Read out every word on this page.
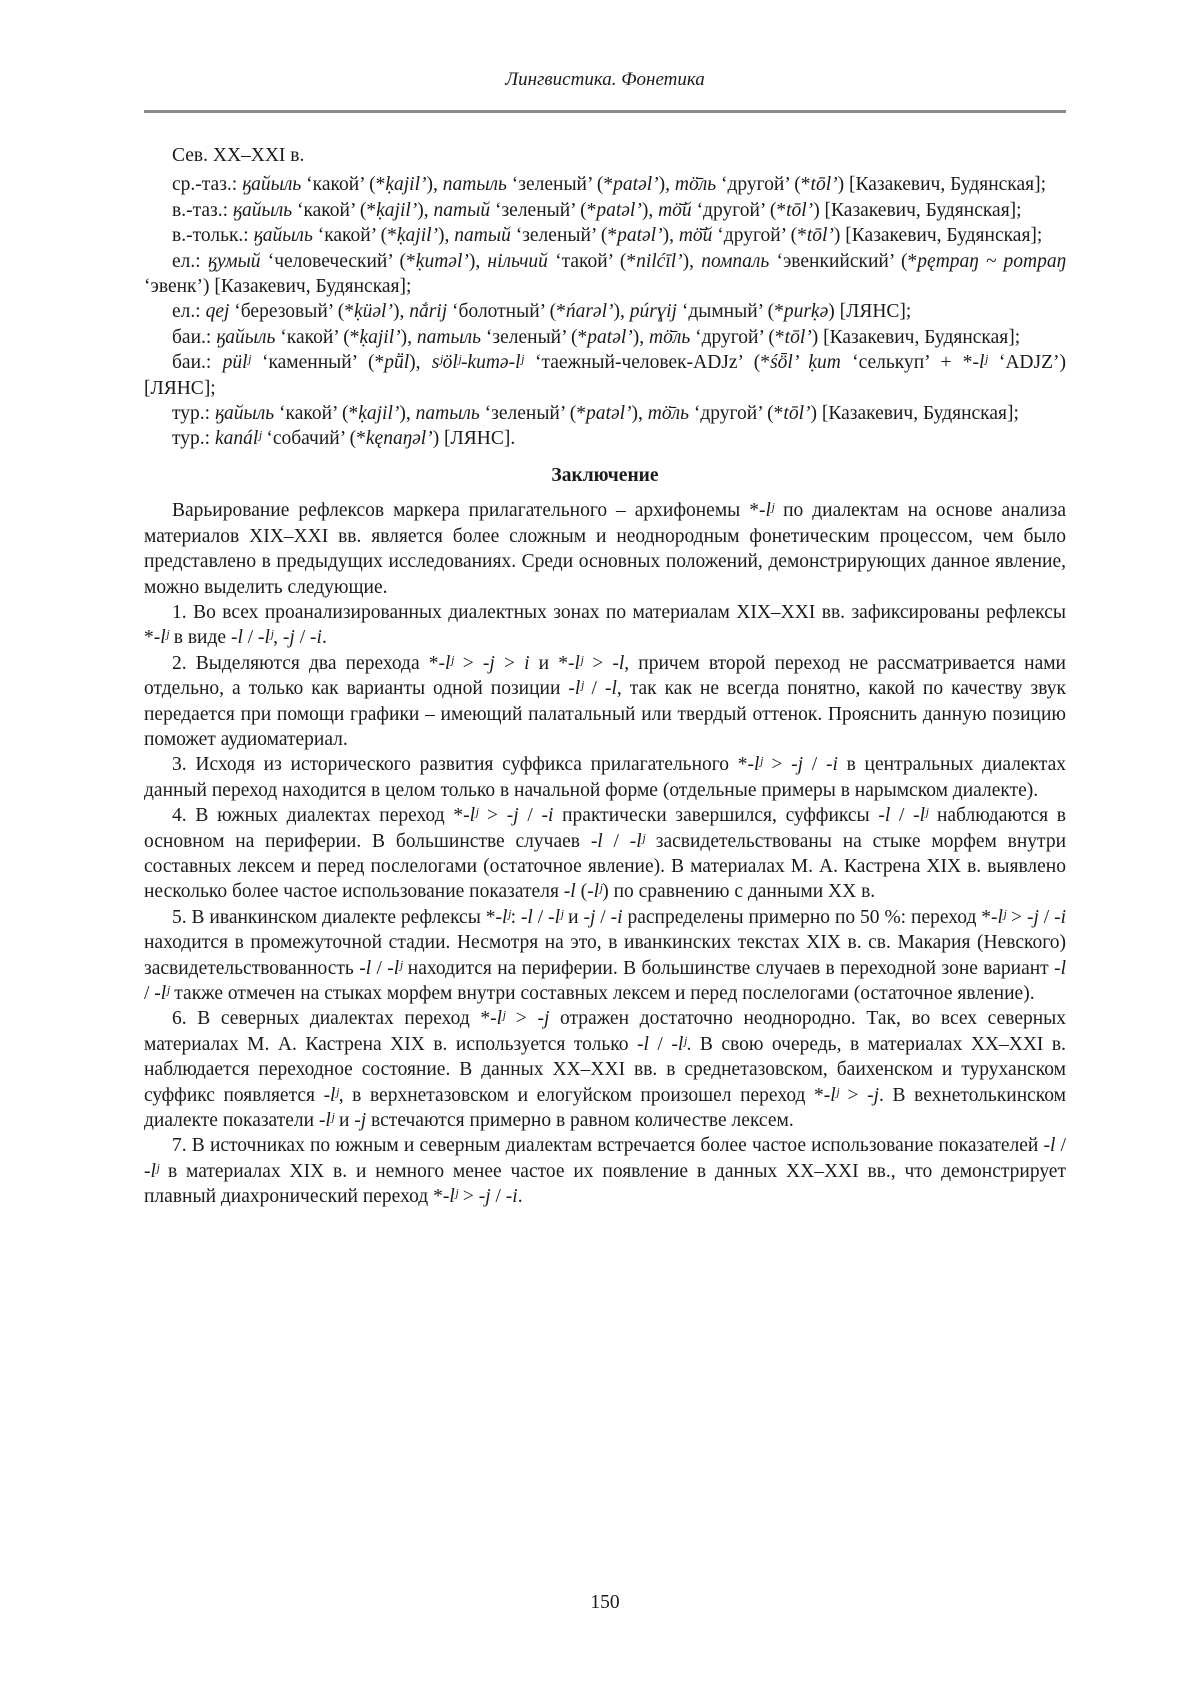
Лингвистика. Фонетика

Сев. XX–XXI в.

ср.-таз.: ӄайыль ‘какой’ (*ḳajil’), патыль ‘зеленый’ (*patəl’), тӧ̄ль ‘другой’ (*tōl’) [Казакевич, Будянская];

в.-таз.: ӄайыль ‘какой’ (*ḳajil’), патый ‘зеленый’ (*patəl’), тӧ̄й ‘другой’ (*tōl’) [Казакевич, Будянская];

в.-тольк.: ӄайыль ‘какой’ (*ḳajil’), патый ‘зеленый’ (*patəl’), тӧ̄й ‘другой’ (*tōl’) [Казакевич, Будянская];

ел.: ӄумый ‘человеческий’ (*ḳuməl’), нільчий ‘такой’ (*nilćīl’), помпаль ‘эвенкийский’ (*pęmpaŋ ~ ротраŋ ‘эвенк’) [Казакевич, Будянская];

ел.: qej ‘березовый’ (*ḳüəl’), nắrij ‘болотный’ (*ńarəl’), púrɣij ‘дымный’ (*purḳə) [ЛЯНС];

баи.: ӄайыль ‘какой’ (*ḳajil’), патыль ‘зеленый’ (*patəl’), тӧ̄ль ‘другой’ (*tōl’) [Казакевич, Будянская];

баи.: pülʲ ‘каменный’ (*pṻl), sʲölʲ-kumə-lʲ ‘таежный-человек-ADJz’ (*śȫl’ ḳum ‘селькуп’ + *-lʲ ‘ADJZ’) [ЛЯНС];

тур.: ӄайыль ‘какой’ (*ḳajil’), патыль ‘зеленый’ (*patəl’), тӧ̄ль ‘другой’ (*tōl’) [Казакевич, Будянская];

тур.: kanálʲ ‘собачий’ (*kęnaŋəl’) [ЛЯНС].

Заключение

Варьирование рефлексов маркера прилагательного – архифонемы *-lʲ по диалектам на основе анализа материалов XIX–XXI вв. является более сложным и неоднородным фонетическим процессом, чем было представлено в предыдущих исследованиях. Среди основных положений, демонстрирующих данное явление, можно выделить следующие.

1. Во всех проанализированных диалектных зонах по материалам XIX–XXI вв. зафиксированы рефлексы *-lʲ в виде -l / -lʲ, -j / -i.

2. Выделяются два перехода *-lʲ > -j > i и *-lʲ > -l, причем второй переход не рассматривается нами отдельно, а только как варианты одной позиции -lʲ / -l, так как не всегда понятно, какой по качеству звук передается при помощи графики – имеющий палатальный или твердый оттенок. Прояснить данную позицию поможет аудиоматериал.

3. Исходя из исторического развития суффикса прилагательного *-lʲ > -j / -i в центральных диалектах данный переход находится в целом только в начальной форме (отдельные примеры в нарымском диалекте).

4. В южных диалектах переход *-lʲ > -j / -i практически завершился, суффиксы -l / -lʲ наблюдаются в основном на периферии. В большинстве случаев -l / -lʲ засвидетельствованы на стыке морфем внутри составных лексем и перед послелогами (остаточное явление). В материалах М. А. Кастрена XIX в. выявлено несколько более частое использование показателя -l (-lʲ) по сравнению с данными XX в.

5. В иванкинском диалекте рефлексы *-lʲ: -l / -lʲ и -j / -i распределены примерно по 50 %: переход *-lʲ > -j / -i находится в промежуточной стадии. Несмотря на это, в иванкинских текстах XIX в. св. Макария (Невского) засвидетельствованность -l / -lʲ находится на периферии. В большинстве случаев в переходной зоне вариант -l / -lʲ также отмечен на стыках морфем внутри составных лексем и перед послелогами (остаточное явление).

6. В северных диалектах переход *-lʲ > -j отражен достаточно неоднородно. Так, во всех северных материалах М. А. Кастрена XIX в. используется только -l / -lʲ. В свою очередь, в материалах XX–XXI в. наблюдается переходное состояние. В данных XX–XXI вв. в среднетазовском, баихенском и туруханском суффикс появляется -lʲ, в верхнетазовском и елогуйском произошел переход *-lʲ > -j. В вехнетолькинском диалекте показатели -lʲ и -j встечаются примерно в равном количестве лексем.

7. В источниках по южным и северным диалектам встречается более частое использование показателей -l / -lʲ в материалах XIX в. и немного менее частое их появление в данных XX–XXI вв., что демонстрирует плавный диахронический переход *-lʲ > -j / -i.

150
